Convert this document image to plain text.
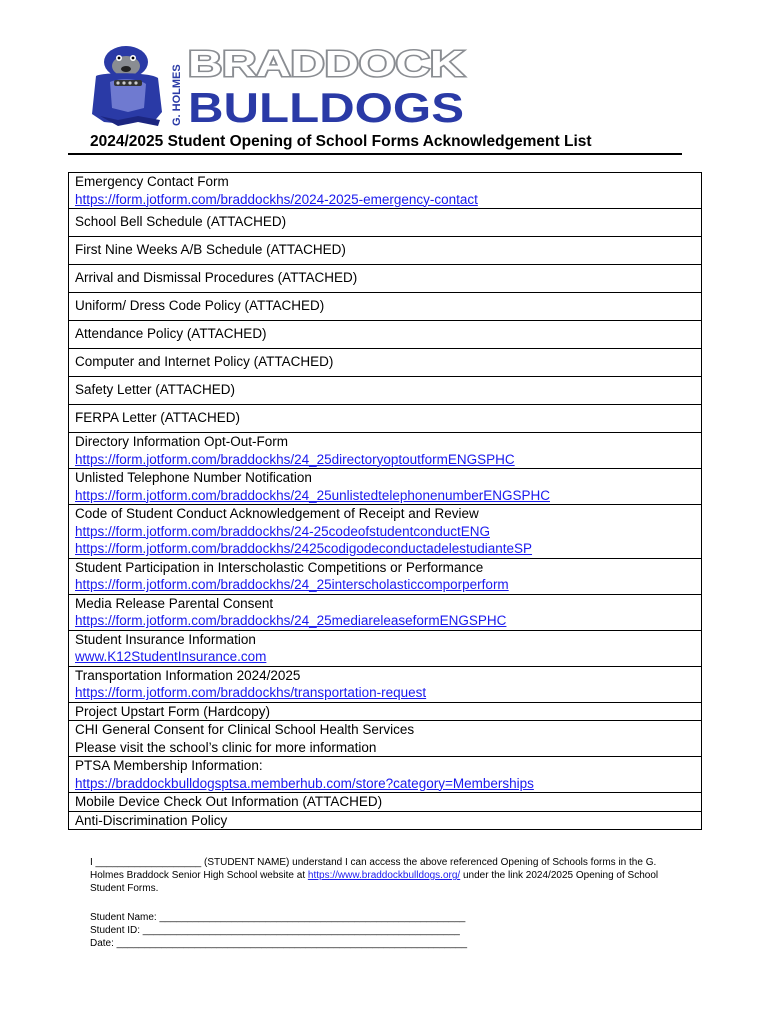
G. HOLMES
BRADDOCK
BULLDOGS
2024/2025 Student Opening of School Forms Acknowledgement List
Emergency Contact Form
https://form.jotform.com/braddockhs/2024-2025-emergency-contact

School Bell Schedule (ATTACHED)

First Nine Weeks A/B Schedule (ATTACHED)

Arrival and Dismissal Procedures (ATTACHED)

Uniform/ Dress Code Policy (ATTACHED)

Attendance Policy (ATTACHED)

Computer and Internet Policy (ATTACHED)

Safety Letter (ATTACHED)

FERPA Letter (ATTACHED)

Directory Information Opt-Out-Form
https://form.jotform.com/braddockhs/24_25directoryoptoutformENGSPHC

Unlisted Telephone Number Notification
https://form.jotform.com/braddockhs/24_25unlistedtelephonenumberENGSPHC

Code of Student Conduct Acknowledgement of Receipt and Review
https://form.jotform.com/braddockhs/24-25codeofstudentconductENG
https://form.jotform.com/braddockhs/2425codigodeconductadelestudianteSP

Student Participation in Interscholastic Competitions or Performance
https://form.jotform.com/braddockhs/24_25interscholasticcomporperform

Media Release Parental Consent
https://form.jotform.com/braddockhs/24_25mediareleaseformENGSPHC

Student Insurance Information
www.K12StudentInsurance.com

Transportation Information 2024/2025
https://form.jotform.com/braddockhs/transportation-request

Project Upstart Form (Hardcopy)

CHI General Consent for Clinical School Health Services
Please visit the school’s clinic for more information

PTSA Membership Information:
https://braddockbulldogsptsa.memberhub.com/store?category=Memberships

Mobile Device Check Out Information (ATTACHED)

Anti-Discrimination Policy
I ___________________ (STUDENT NAME) understand I can access the above referenced Opening of Schools forms in the G. Holmes Braddock Senior High School website at https://www.braddockbulldogs.org/ under the link 2024/2025 Opening of School Student Forms.
Student Name: _______________________________________________________
Student ID: _________________________________________________________
Date: _______________________________________________________________
